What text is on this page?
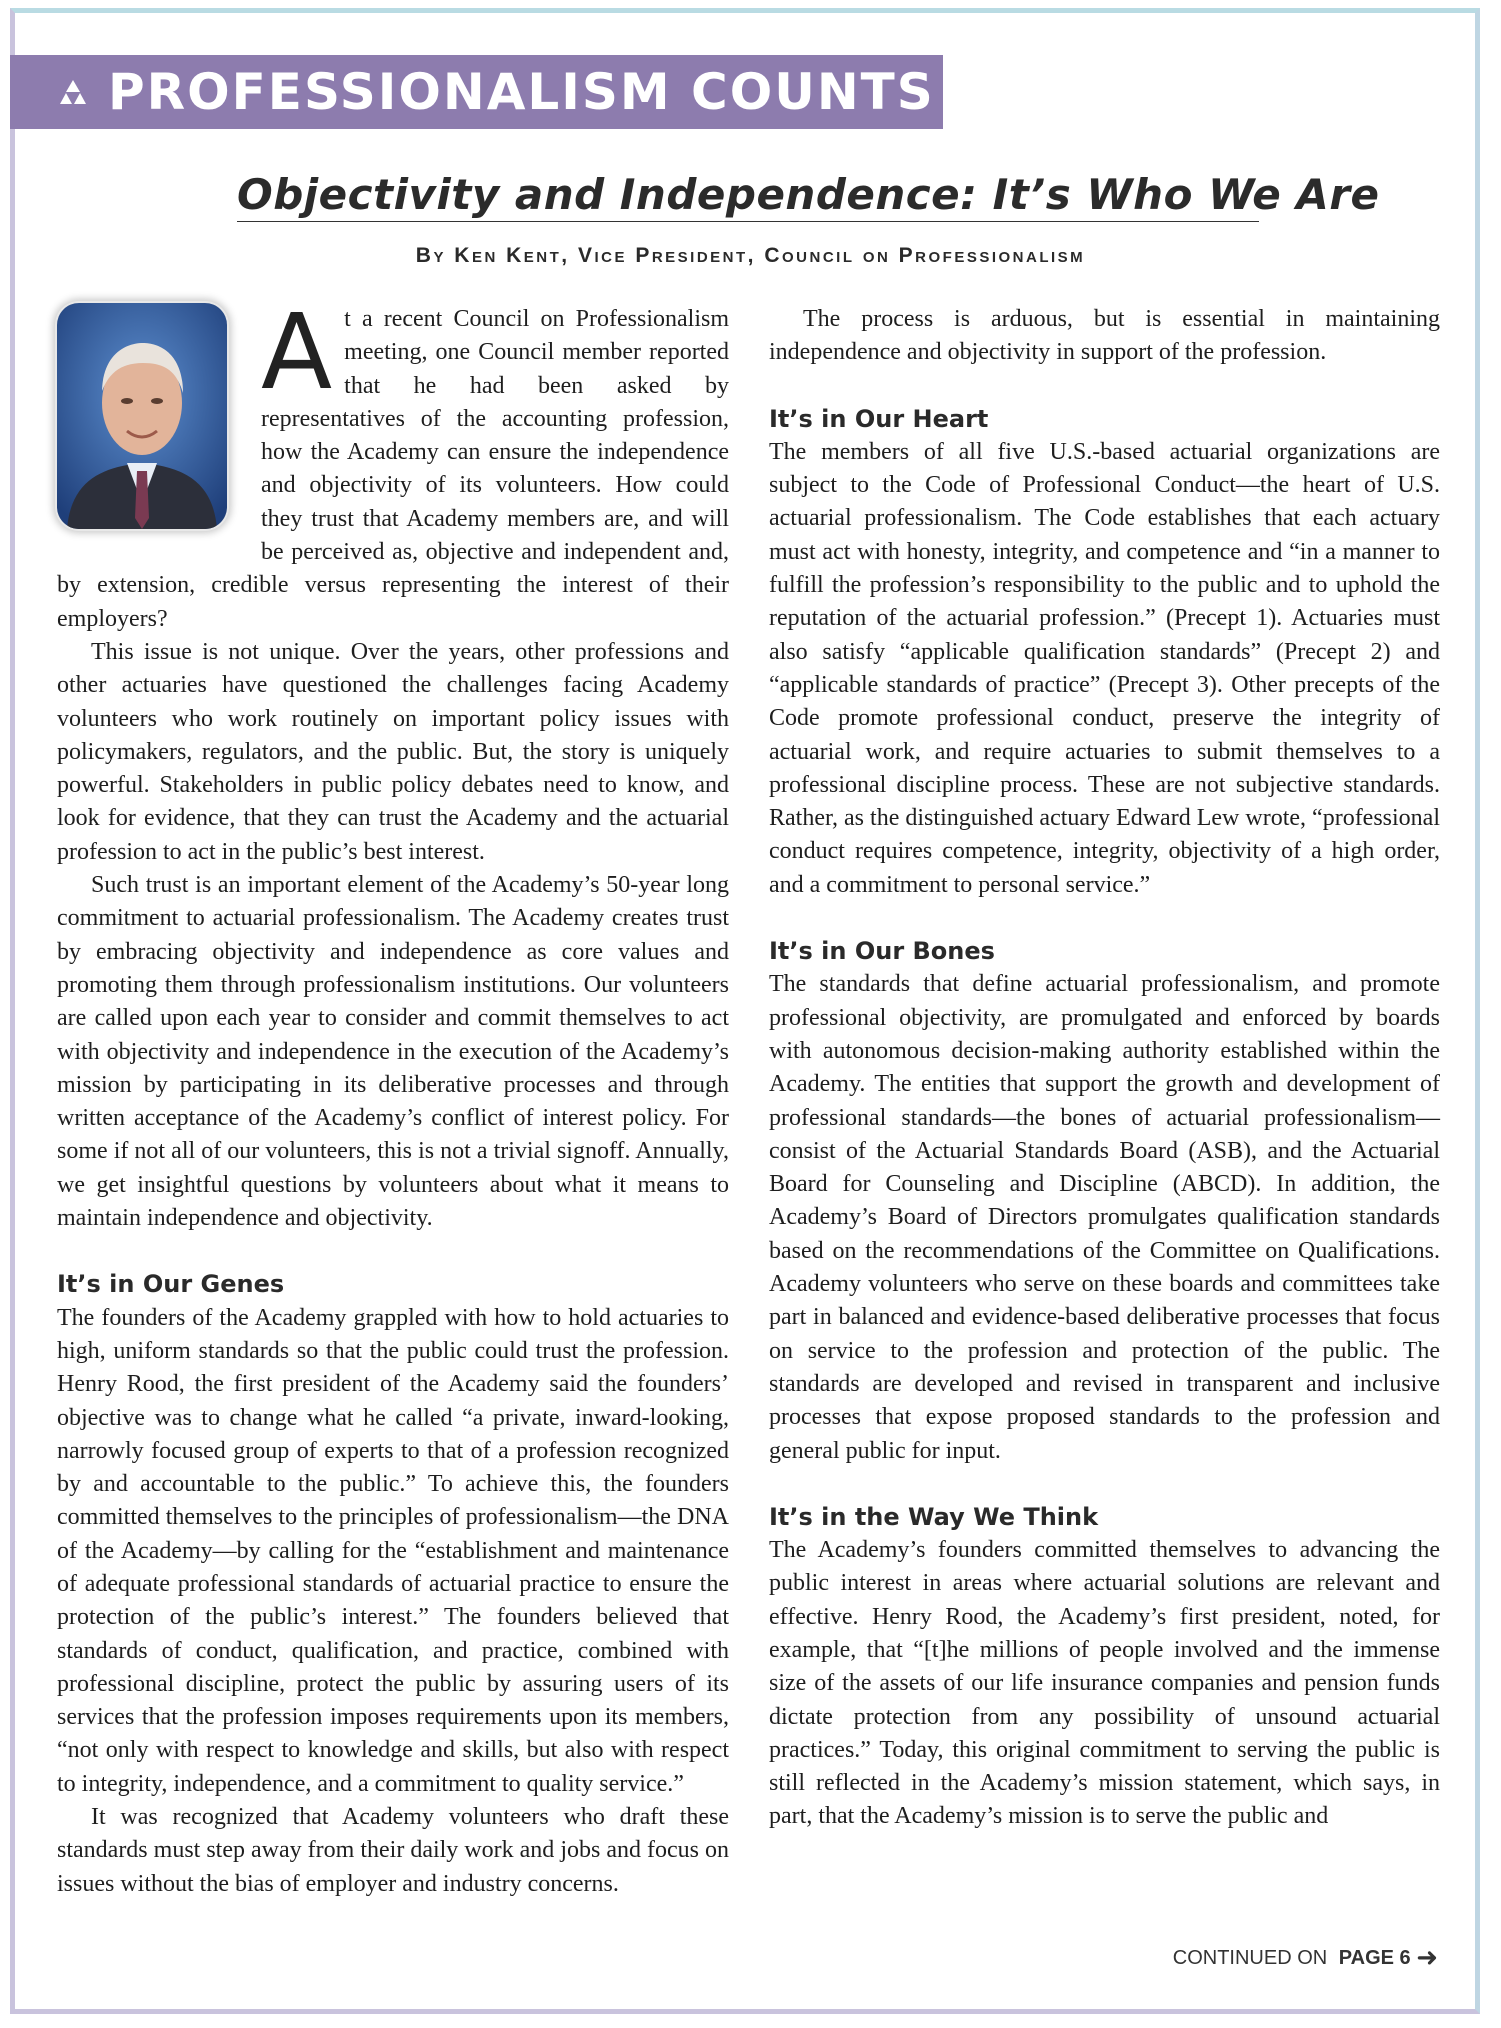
PROFESSIONALISM COUNTS
Objectivity and Independence: It’s Who We Are
By Ken Kent, Vice President, Council on Professionalism

At a recent Council on Professionalism meeting, one Council member reported that he had been asked by representatives of the accounting profession, how the Academy can ensure the independence and objectivity of its volunteers. How could they trust that Academy members are, and will be perceived as, objective and independent and, by extension, credible versus representing the interest of their employers?

This issue is not unique. Over the years, other professions and other actuaries have questioned the challenges facing Academy volunteers who work routinely on important policy issues with policymakers, regulators, and the public. But, the story is uniquely powerful. Stakeholders in public policy debates need to know, and look for evidence, that they can trust the Academy and the actuarial profession to act in the public’s best interest.

Such trust is an important element of the Academy’s 50-year long commitment to actuarial professionalism. The Academy creates trust by embracing objectivity and independence as core values and promoting them through professionalism institutions. Our volunteers are called upon each year to consider and commit themselves to act with objectivity and independence in the execution of the Academy’s mission by participating in its deliberative processes and through written acceptance of the Academy’s conflict of interest policy. For some if not all of our volunteers, this is not a trivial signoff. Annually, we get insightful questions by volunteers about what it means to maintain independence and objectivity.

It’s in Our Genes

The founders of the Academy grappled with how to hold actuaries to high, uniform standards so that the public could trust the profession. Henry Rood, the first president of the Academy said the founders’ objective was to change what he called “a private, inward-looking, narrowly focused group of experts to that of a profession recognized by and accountable to the public.” To achieve this, the founders committed themselves to the principles of professionalism—the DNA of the Academy—by calling for the “establishment and maintenance of adequate professional standards of actuarial practice to ensure the protection of the public’s interest.” The founders believed that standards of conduct, qualification, and practice, combined with professional discipline, protect the public by assuring users of its services that the profession imposes requirements upon its members, “not only with respect to knowledge and skills, but also with respect to integrity, independence, and a commitment to quality service.”

It was recognized that Academy volunteers who draft these standards must step away from their daily work and jobs and focus on issues without the bias of employer and industry concerns.

The process is arduous, but is essential in maintaining independence and objectivity in support of the profession.

It’s in Our Heart

The members of all five U.S.-based actuarial organizations are subject to the Code of Professional Conduct—the heart of U.S. actuarial professionalism. The Code establishes that each actuary must act with honesty, integrity, and competence and “in a manner to fulfill the profession’s responsibility to the public and to uphold the reputation of the actuarial profession.” (Precept 1). Actuaries must also satisfy “applicable qualification standards” (Precept 2) and “applicable standards of practice” (Precept 3). Other precepts of the Code promote professional conduct, preserve the integrity of actuarial work, and require actuaries to submit themselves to a professional discipline process. These are not subjective standards. Rather, as the distinguished actuary Edward Lew wrote, “professional conduct requires competence, integrity, objectivity of a high order, and a commitment to personal service.”

It’s in Our Bones

The standards that define actuarial professionalism, and promote professional objectivity, are promulgated and enforced by boards with autonomous decision-making authority established within the Academy. The entities that support the growth and development of professional standards—the bones of actuarial professionalism—consist of the Actuarial Standards Board (ASB), and the Actuarial Board for Counseling and Discipline (ABCD). In addition, the Academy’s Board of Directors promulgates qualification standards based on the recommendations of the Committee on Qualifications. Academy volunteers who serve on these boards and committees take part in balanced and evidence-based deliberative processes that focus on service to the profession and protection of the public. The standards are developed and revised in transparent and inclusive processes that expose proposed standards to the profession and general public for input.

It’s in the Way We Think

The Academy’s founders committed themselves to advancing the public interest in areas where actuarial solutions are relevant and effective. Henry Rood, the Academy’s first president, noted, for example, that “[t]he millions of people involved and the immense size of the assets of our life insurance companies and pension funds dictate protection from any possibility of unsound actuarial practices.” Today, this original commitment to serving the public is still reflected in the Academy’s mission statement, which says, in part, that the Academy’s mission is to serve the public and

CONTINUED ON PAGE 6 ➜
